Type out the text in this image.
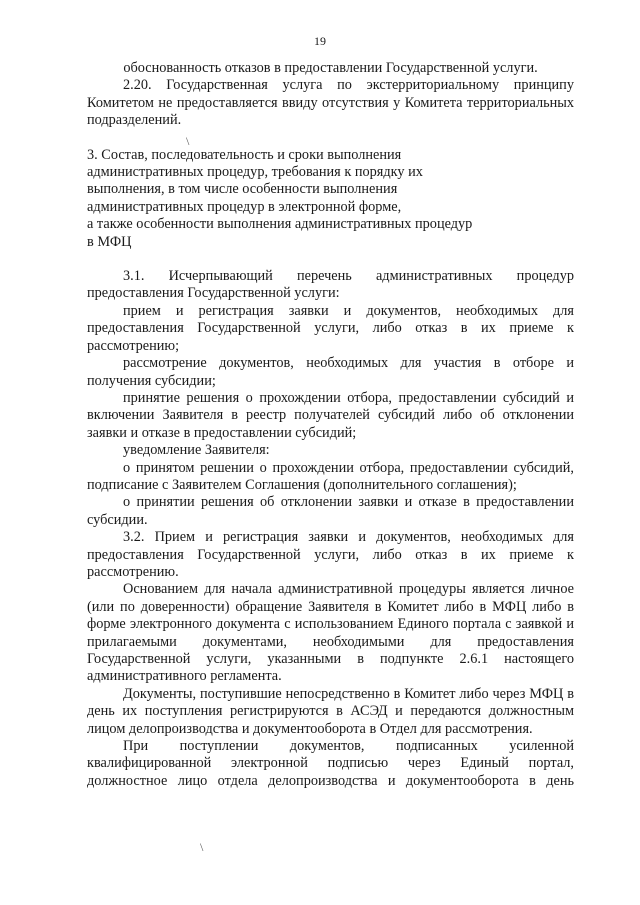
19

обоснованность отказов в предоставлении Государственной услуги.

2.20. Государственная услуга по экстерриториальному принципу Комитетом не предоставляется ввиду отсутствия у Комитета территориальных подразделений.

3. Состав, последовательность и сроки выполнения

административных процедур, требования к порядку их

выполнения, в том числе особенности выполнения

административных процедур в электронной форме,

а также особенности выполнения административных процедур

в МФЦ

3.1. Исчерпывающий перечень административных процедур предоставления Государственной услуги:

прием и регистрация заявки и документов, необходимых для предоставления Государственной услуги, либо отказ в их приеме к рассмотрению;

рассмотрение документов, необходимых для участия в отборе и получения субсидии;

принятие решения о прохождении отбора, предоставлении субсидий и включении Заявителя в реестр получателей субсидий либо об отклонении заявки и отказе в предоставлении субсидий;

уведомление Заявителя:

о принятом решении о прохождении отбора, предоставлении субсидий, подписание с Заявителем Соглашения (дополнительного соглашения);

о принятии решения об отклонении заявки и отказе в предоставлении субсидии.

3.2. Прием и регистрация заявки и документов, необходимых для предоставления Государственной услуги, либо отказ в их приеме к рассмотрению.

Основанием для начала административной процедуры является личное (или по доверенности) обращение Заявителя в Комитет либо в МФЦ либо в форме электронного документа с использованием Единого портала с заявкой и прилагаемыми документами, необходимыми для предоставления Государственной услуги, указанными в подпункте 2.6.1 настоящего административного регламента.

Документы, поступившие непосредственно в Комитет либо через МФЦ в день их поступления регистрируются в АСЭД и передаются должностным лицом делопроизводства и документооборота в Отдел для рассмотрения.

При поступлении документов, подписанных усиленной квалифицированной электронной подписью через Единый портал, должностное лицо отдела делопроизводства и документооборота в день

\
\
